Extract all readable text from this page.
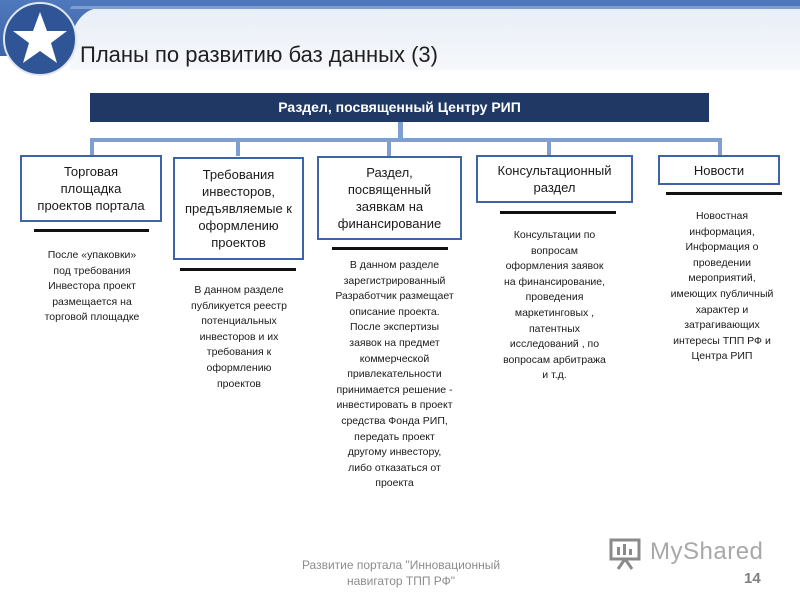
Планы по развитию баз данных (3)
Раздел, посвященный Центру РИП
Торговая
площадка
проектов портала
После «упаковки»
под требования
Инвестора проект
размещается на
торговой площадке
Требования
инвесторов,
предъявляемые к
оформлению
проектов
В данном разделе
публикуется реестр
потенциальных
инвесторов и их
требования к
оформлению
проектов
Раздел,
посвященный
заявкам на
финансирование
В данном разделе
зарегистрированный
Разработчик размещает
описание проекта.
После экспертизы
заявок на предмет
коммерческой
привлекательности
принимается решение -
инвестировать в проект
средства Фонда РИП,
передать проект
другому инвестору,
либо отказаться от
проекта
Консультационный
раздел
Консультации по
вопросам
оформления заявок
на финансирование,
проведения
маркетинговых ,
патентных
исследований , по
вопросам арбитража
и т.д.
Новости
Новостная
информация,
Информация о
проведении
мероприятий,
имеющих публичный
характер и
затрагивающих
интересы ТПП РФ и
Центра РИП
Развитие портала "Инновационный навигатор ТПП РФ"	14
MyShared
